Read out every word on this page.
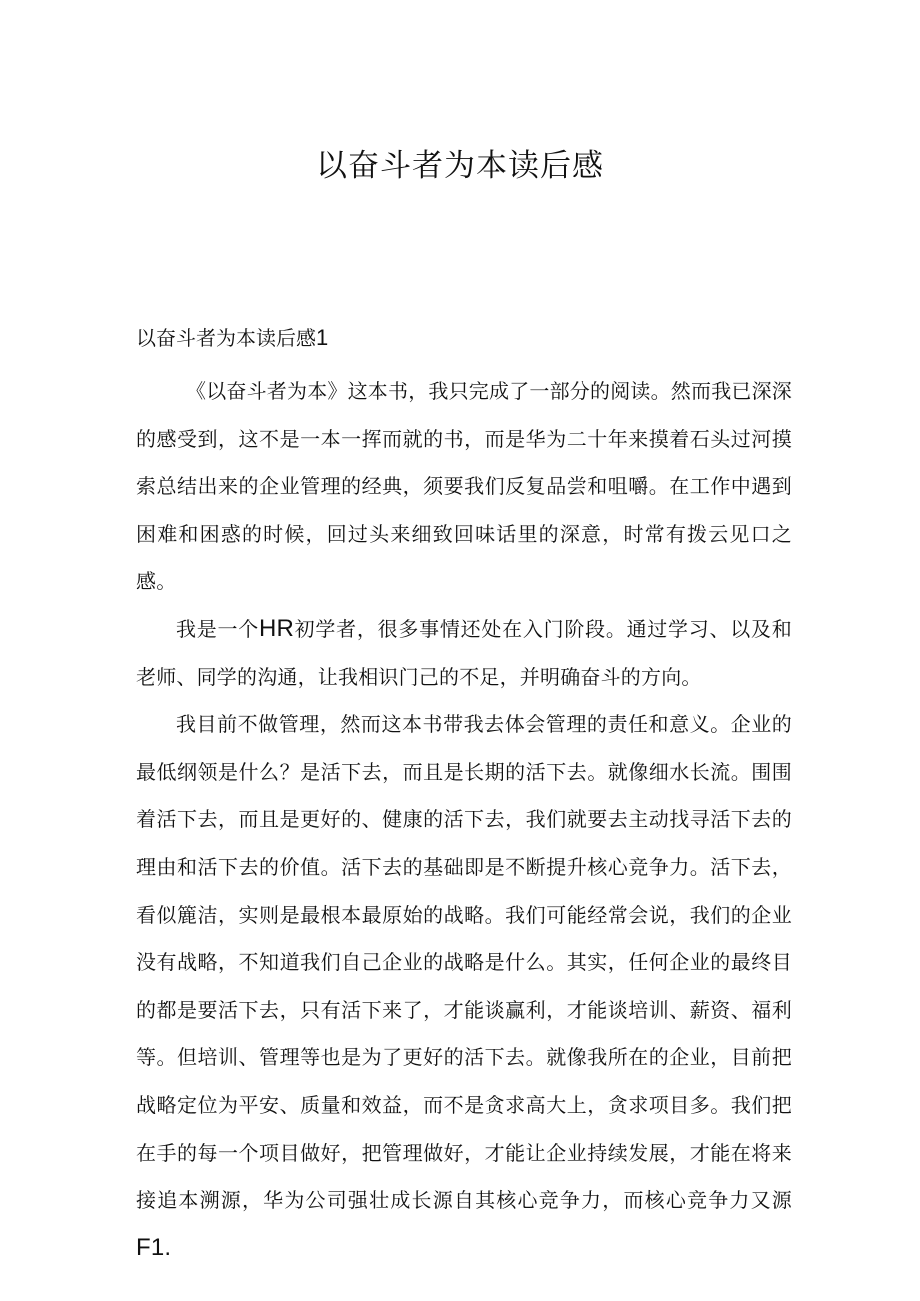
以奋斗者为本读后感
以奋斗者为本读后感1

《以奋斗者为本》这本书，我只完成了一部分的阅读。然而我已深深的感受到，这不是一本一挥而就的书，而是华为二十年来摸着石头过河摸索总结出来的企业管理的经典，须要我们反复品尝和咀嚼。在工作中遇到困难和困惑的时候，回过头来细致回味话里的深意，时常有拨云见口之感。

我是一个HR初学者，很多事情还处在入门阶段。通过学习、以及和老师、同学的沟通，让我相识门己的不足，并明确奋斗的方向。

我目前不做管理，然而这本书带我去体会管理的责任和意义。企业的最低纲领是什么？是活下去，而且是长期的活下去。就像细水长流。围围着活下去，而且是更好的、健康的活下去，我们就要去主动找寻活下去的理由和活下去的价值。活下去的基础即是不断提升核心竞争力。活下去，看似簏洁，实则是最根本最原始的战略。我们可能经常会说，我们的企业没有战略，不知道我们自己企业的战略是什么。其实，任何企业的最终目的都是要活下去，只有活下来了，才能谈赢利，才能谈培训、薪资、福利等。但培训、管理等也是为了更好的活下去。就像我所在的企业，目前把战略定位为平安、质量和效益，而不是贪求高大上，贪求项目多。我们把在手的每一个项目做好，把管理做好，才能让企业持续发展，才能在将来接追本溯源，华为公司强壮成长源自其核心竞争力，而核心竞争力又源F1.
